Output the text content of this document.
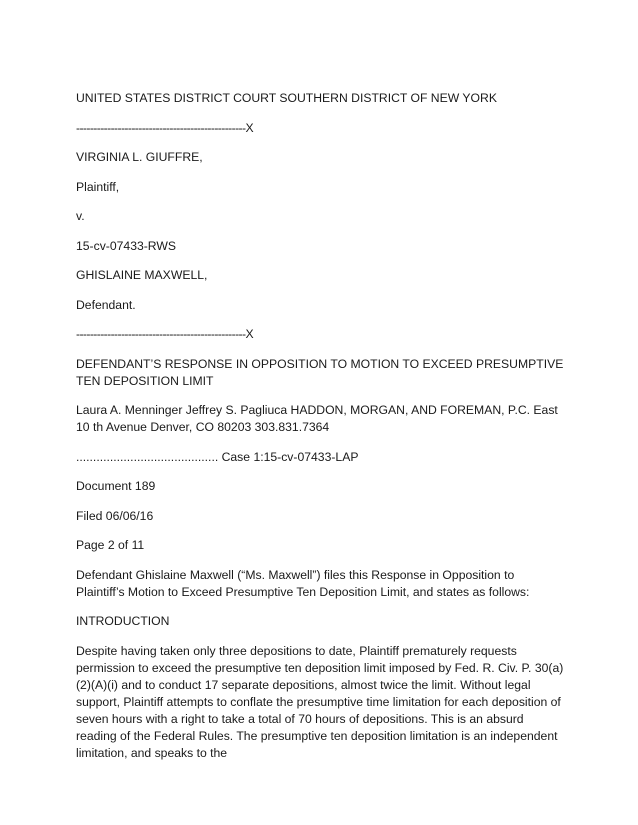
UNITED STATES DISTRICT COURT SOUTHERN DISTRICT OF NEW YORK

-------------------------------------------------X

VIRGINIA L. GIUFFRE,

Plaintiff,

v.

15-cv-07433-RWS

GHISLAINE MAXWELL,

Defendant.

-------------------------------------------------X

DEFENDANT’S RESPONSE IN OPPOSITION TO MOTION TO EXCEED PRESUMPTIVE TEN DEPOSITION LIMIT

Laura A. Menninger Jeffrey S. Pagliuca HADDON, MORGAN, AND FOREMAN, P.C. East 10 th Avenue Denver, CO 80203 303.831.7364

.......................................... Case 1:15-cv-07433-LAP

Document 189

Filed 06/06/16

Page 2 of 11

Defendant Ghislaine Maxwell (“Ms. Maxwell”) files this Response in Opposition to Plaintiff’s Motion to Exceed Presumptive Ten Deposition Limit, and states as follows:

INTRODUCTION

Despite having taken only three depositions to date, Plaintiff prematurely requests permission to exceed the presumptive ten deposition limit imposed by Fed. R. Civ. P. 30(a)(2)(A)(i) and to conduct 17 separate depositions, almost twice the limit. Without legal support, Plaintiff attempts to conflate the presumptive time limitation for each deposition of seven hours with a right to take a total of 70 hours of depositions. This is an absurd reading of the Federal Rules. The presumptive ten deposition limitation is an independent limitation, and speaks to the
